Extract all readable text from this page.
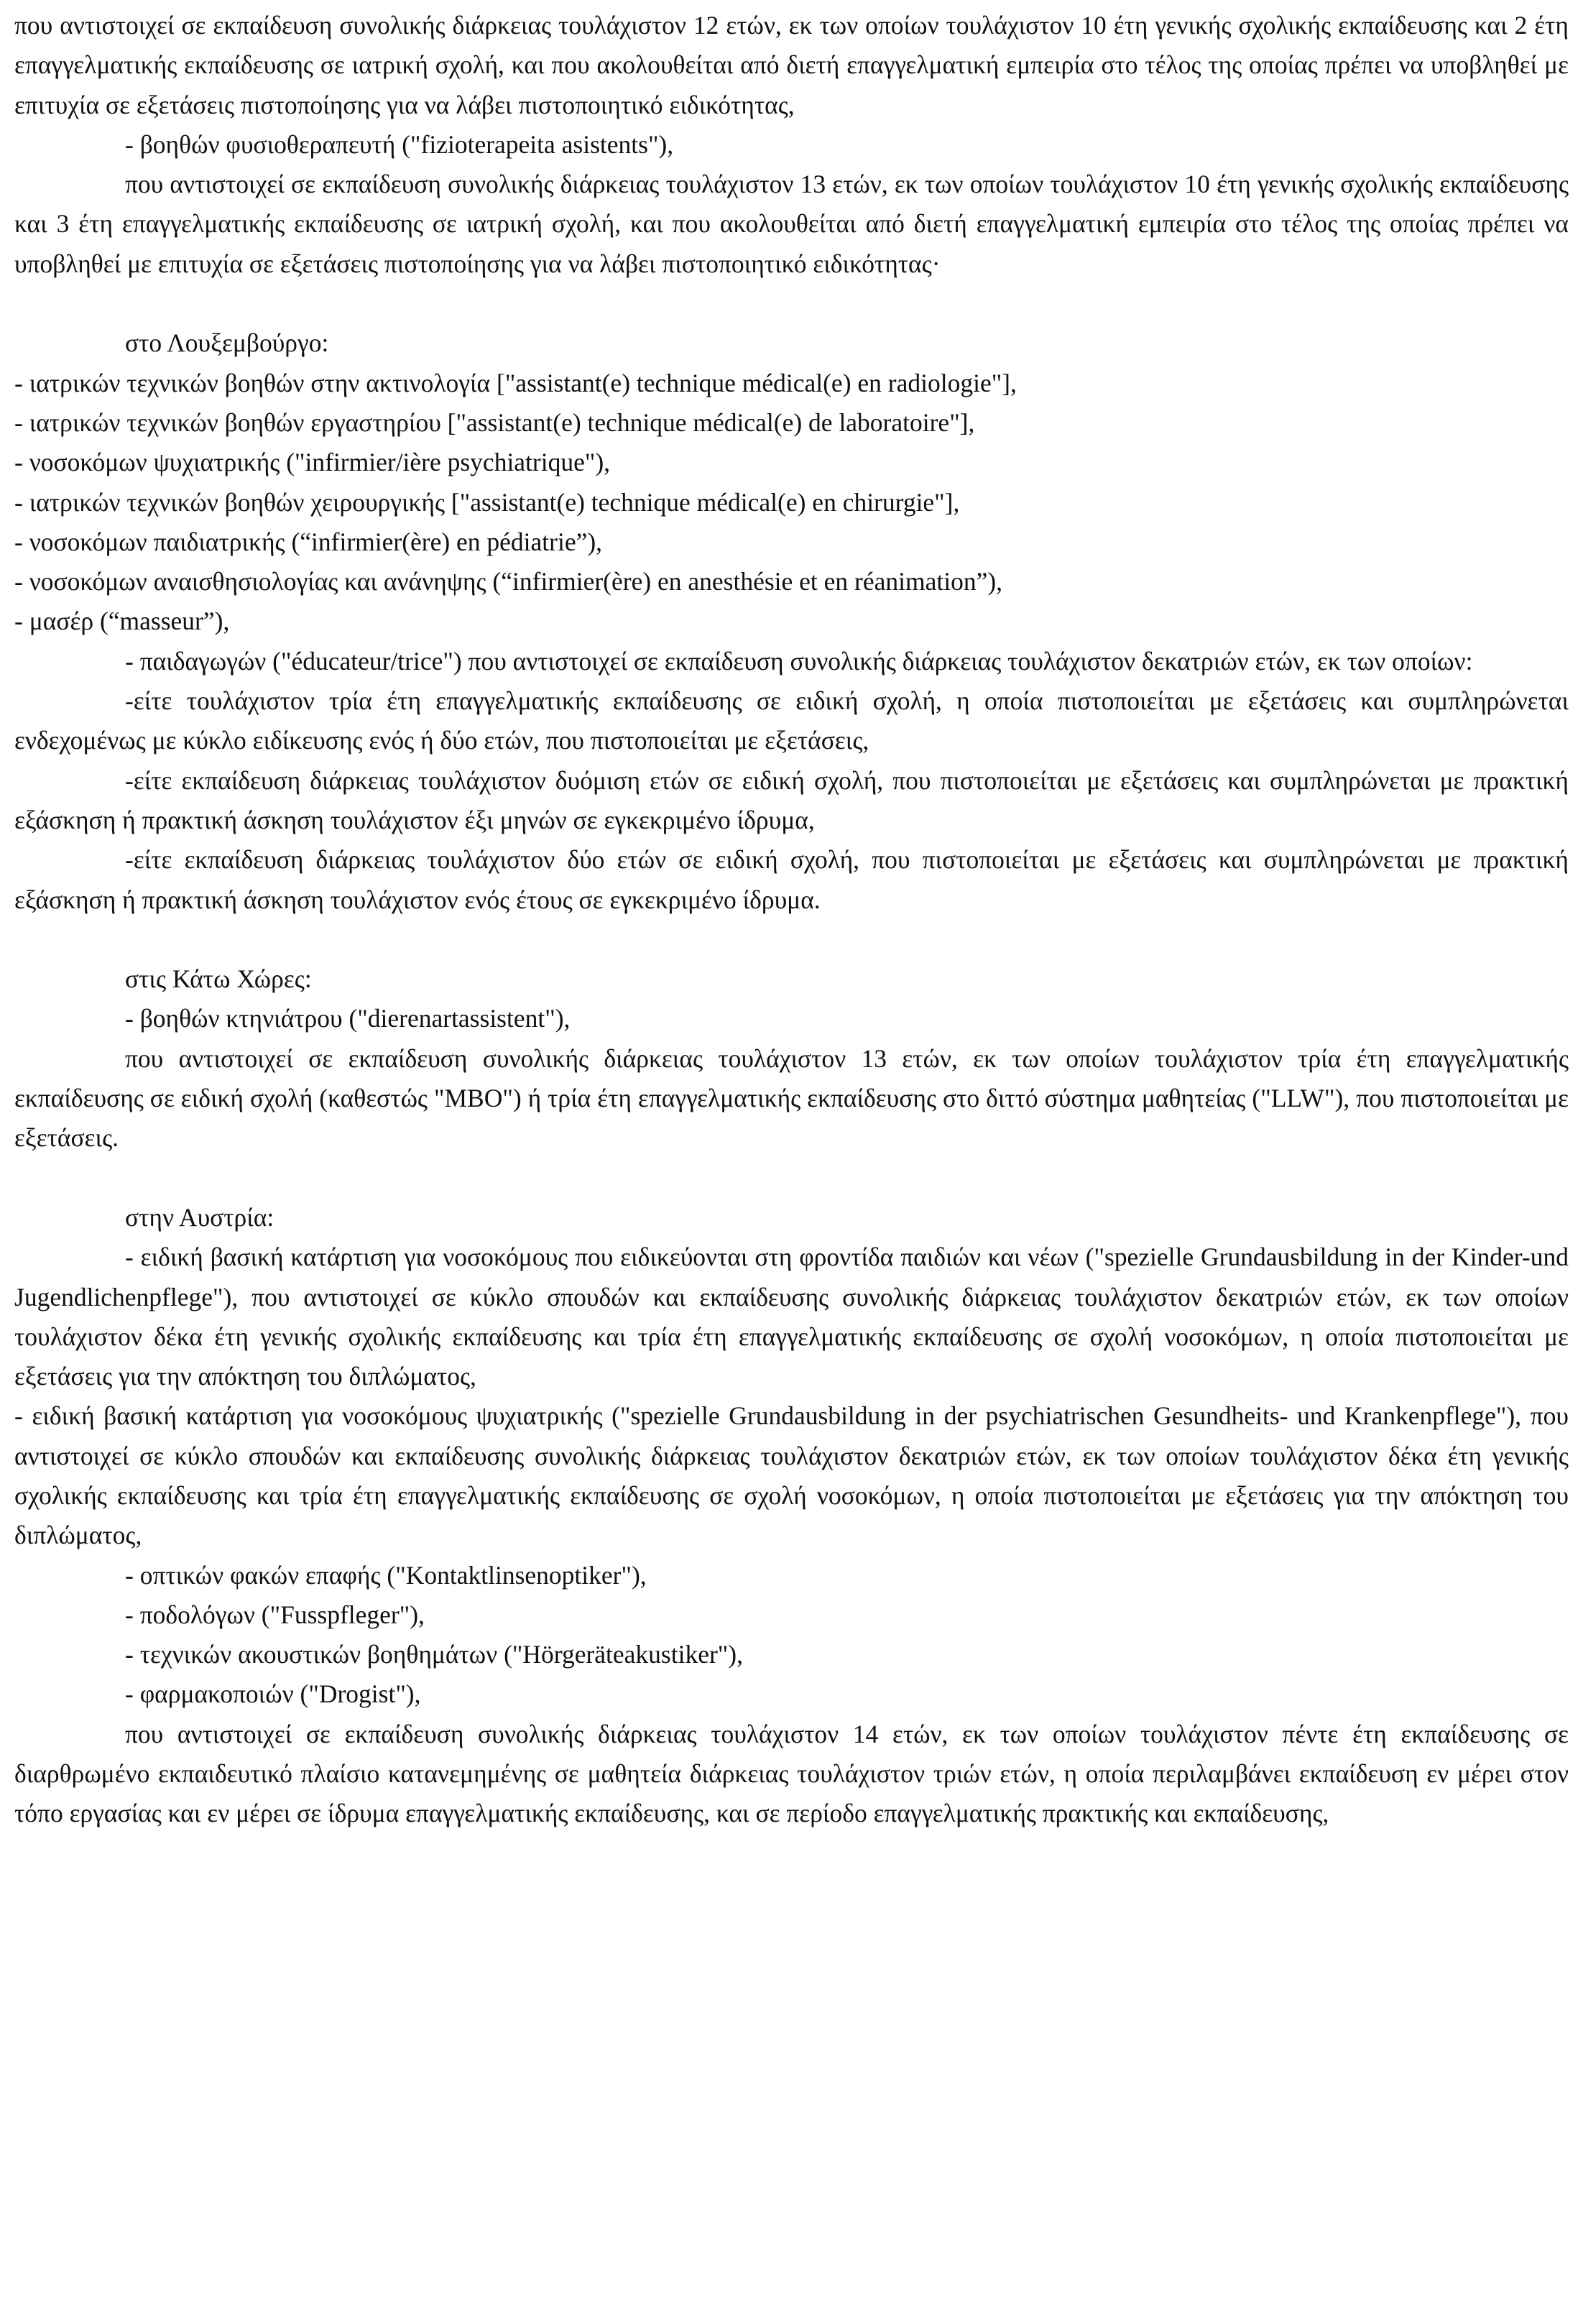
που αντιστοιχεί σε εκπαίδευση συνολικής διάρκειας τουλάχιστον 12 ετών, εκ των οποίων τουλάχιστον 10 έτη γενικής σχολικής εκπαίδευσης και 2 έτη επαγγελματικής εκπαίδευσης σε ιατρική σχολή, και που ακολουθείται από διετή επαγγελματική εμπειρία στο τέλος της οποίας πρέπει να υποβληθεί με επιτυχία σε εξετάσεις πιστοποίησης για να λάβει πιστοποιητικό ειδικότητας,

- βοηθών φυσιοθεραπευτή ("fizioterapeita asistents"),

που αντιστοιχεί σε εκπαίδευση συνολικής διάρκειας τουλάχιστον 13 ετών, εκ των οποίων τουλάχιστον 10 έτη γενικής σχολικής εκπαίδευσης και 3 έτη επαγγελματικής εκπαίδευσης σε ιατρική σχολή, και που ακολουθείται από διετή επαγγελματική εμπειρία στο τέλος της οποίας πρέπει να υποβληθεί με επιτυχία σε εξετάσεις πιστοποίησης για να λάβει πιστοποιητικό ειδικότητας·

στο Λουξεμβούργο:

- ιατρικών τεχνικών βοηθών στην ακτινολογία ["assistant(e) technique médical(e) en radiologie"],

- ιατρικών τεχνικών βοηθών εργαστηρίου ["assistant(e) technique médical(e) de laboratoire"],

- νοσοκόμων ψυχιατρικής ("infirmier/ière psychiatrique"),

- ιατρικών τεχνικών βοηθών χειρουργικής ["assistant(e) technique médical(e) en chirurgie"],

- νοσοκόμων παιδιατρικής (“infirmier(ère) en pédiatrie”),

- νοσοκόμων αναισθησιολογίας και ανάνηψης (“infirmier(ère) en anesthésie et en réanimation”),

- μασέρ (“masseur”),

- παιδαγωγών ("éducateur/trice") που αντιστοιχεί σε εκπαίδευση συνολικής διάρκειας τουλάχιστον δεκατριών ετών, εκ των οποίων:

-είτε τουλάχιστον τρία έτη επαγγελματικής εκπαίδευσης σε ειδική σχολή, η οποία πιστοποιείται με εξετάσεις και συμπληρώνεται ενδεχομένως με κύκλο ειδίκευσης ενός ή δύο ετών, που πιστοποιείται με εξετάσεις,

-είτε εκπαίδευση διάρκειας τουλάχιστον δυόμιση ετών σε ειδική σχολή, που πιστοποιείται με εξετάσεις και συμπληρώνεται με πρακτική εξάσκηση ή πρακτική άσκηση τουλάχιστον έξι μηνών σε εγκεκριμένο ίδρυμα,

-είτε εκπαίδευση διάρκειας τουλάχιστον δύο ετών σε ειδική σχολή, που πιστοποιείται με εξετάσεις και συμπληρώνεται με πρακτική εξάσκηση ή πρακτική άσκηση τουλάχιστον ενός έτους σε εγκεκριμένο ίδρυμα.

στις Κάτω Χώρες:

- βοηθών κτηνιάτρου ("dierenartassistent"),

που αντιστοιχεί σε εκπαίδευση συνολικής διάρκειας τουλάχιστον 13 ετών, εκ των οποίων τουλάχιστον τρία έτη επαγγελματικής εκπαίδευσης σε ειδική σχολή (καθεστώς "MBO") ή τρία έτη επαγγελματικής εκπαίδευσης στο διττό σύστημα μαθητείας ("LLW"), που πιστοποιείται με εξετάσεις.

στην Αυστρία:

- ειδική βασική κατάρτιση για νοσοκόμους που ειδικεύονται στη φροντίδα παιδιών και νέων ("spezielle Grundausbildung in der Kinder-und Jugendlichenpflege"), που αντιστοιχεί σε κύκλο σπουδών και εκπαίδευσης συνολικής διάρκειας τουλάχιστον δεκατριών ετών, εκ των οποίων τουλάχιστον δέκα έτη γενικής σχολικής εκπαίδευσης και τρία έτη επαγγελματικής εκπαίδευσης σε σχολή νοσοκόμων, η οποία πιστοποιείται με εξετάσεις για την απόκτηση του διπλώματος,

- ειδική βασική κατάρτιση για νοσοκόμους ψυχιατρικής ("spezielle Grundausbildung in der psychiatrischen Gesundheits- und Krankenpflege"), που αντιστοιχεί σε κύκλο σπουδών και εκπαίδευσης συνολικής διάρκειας τουλάχιστον δεκατριών ετών, εκ των οποίων τουλάχιστον δέκα έτη γενικής σχολικής εκπαίδευσης και τρία έτη επαγγελματικής εκπαίδευσης σε σχολή νοσοκόμων, η οποία πιστοποιείται με εξετάσεις για την απόκτηση του διπλώματος,

- οπτικών φακών επαφής ("Kontaktlinsenoptiker"),

- ποδολόγων ("Fusspfleger"),

- τεχνικών ακουστικών βοηθημάτων ("Hörgeräteakustiker"),

- φαρμακοποιών ("Drogist"),

που αντιστοιχεί σε εκπαίδευση συνολικής διάρκειας τουλάχιστον 14 ετών, εκ των οποίων τουλάχιστον πέντε έτη εκπαίδευσης σε διαρθρωμένο εκπαιδευτικό πλαίσιο κατανεμημένης σε μαθητεία διάρκειας τουλάχιστον τριών ετών, η οποία περιλαμβάνει εκπαίδευση εν μέρει στον τόπο εργασίας και εν μέρει σε ίδρυμα επαγγελματικής εκπαίδευσης, και σε περίοδο επαγγελματικής πρακτικής και εκπαίδευσης,
